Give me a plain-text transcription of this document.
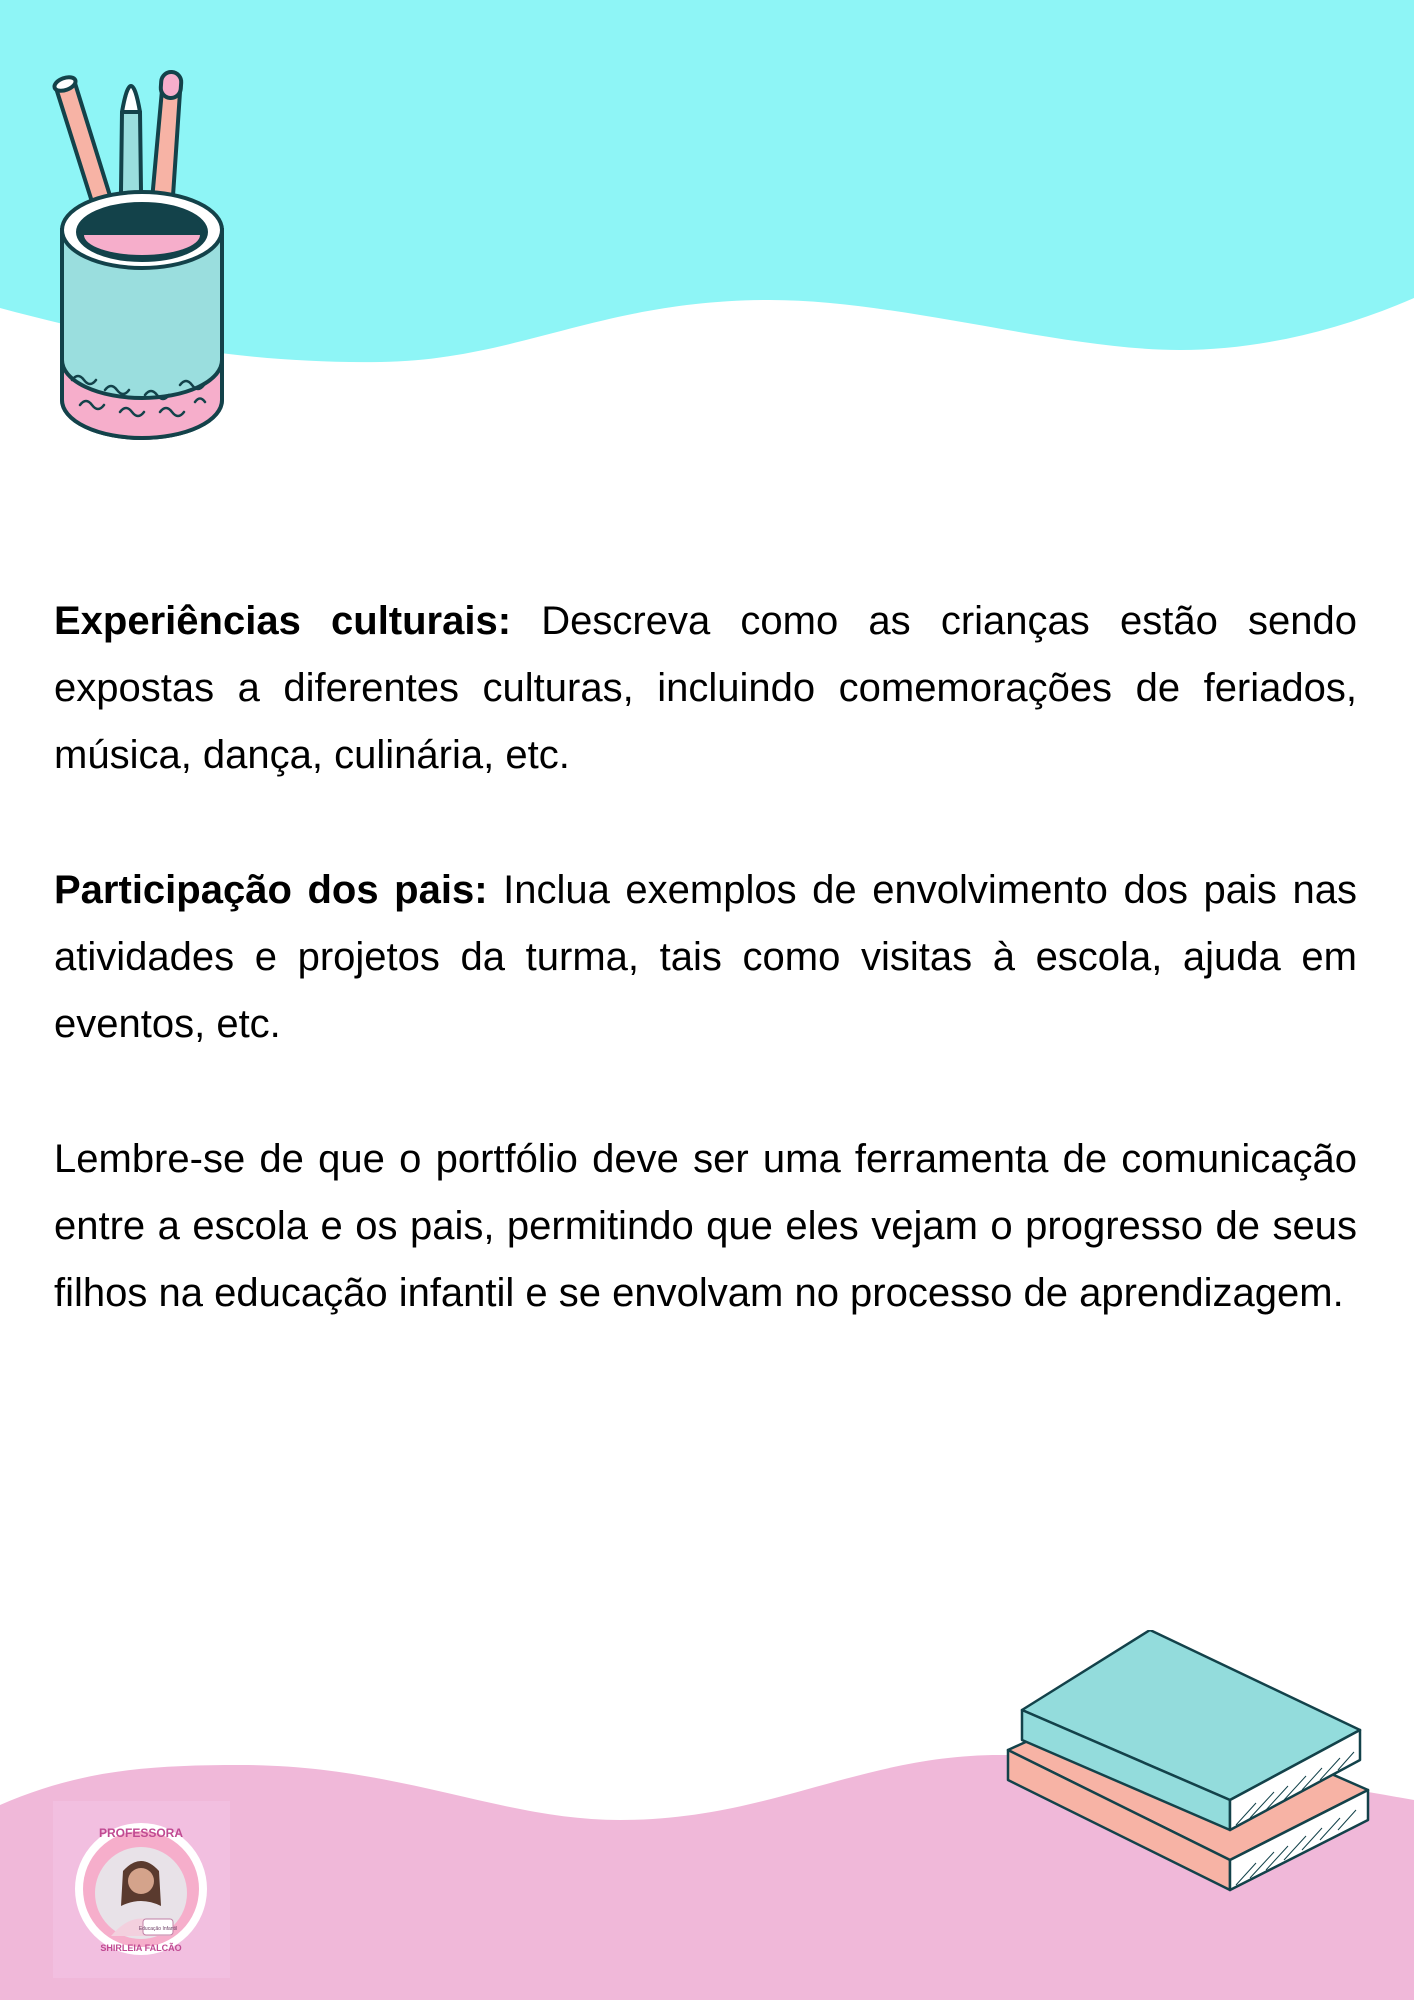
Experiências culturais: Descreva como as crianças estão sendo expostas a diferentes culturas, incluindo comemorações de feriados, música, dança, culinária, etc.

Participação dos pais: Inclua exemplos de envolvimento dos pais nas atividades e projetos da turma, tais como visitas à escola, ajuda em eventos, etc.

Lembre-se de que o portfólio deve ser uma ferramenta de comunicação entre a escola e os pais, permitindo que eles vejam o progresso de seus filhos na educação infantil e se envolvam no processo de aprendizagem.

Educação Infantil
PROFESSORA
SHIRLEIA FALCÃO
